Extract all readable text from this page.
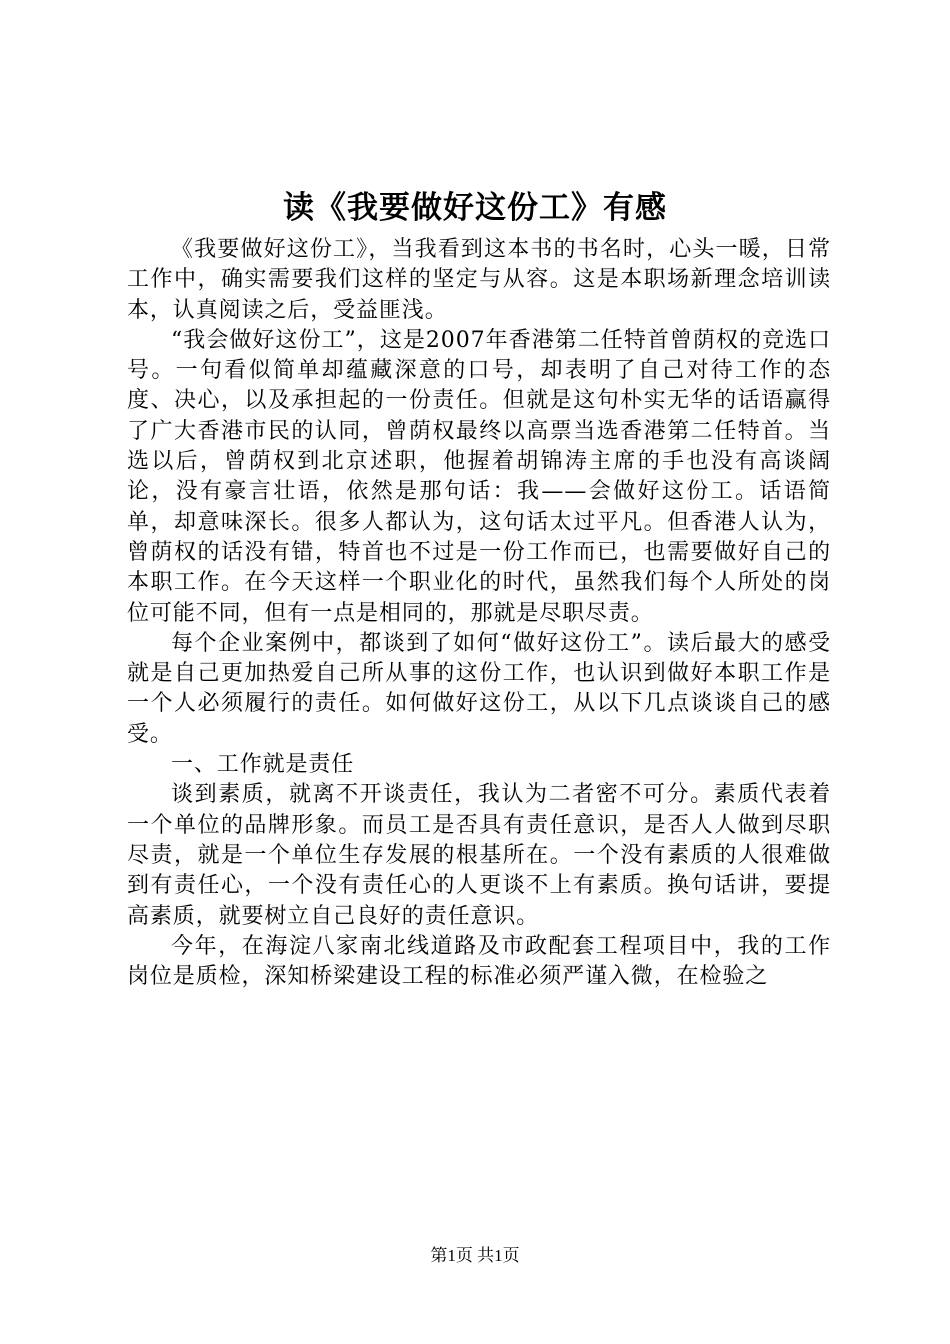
读《我要做好这份工》有感

《我要做好这份工》，当我看到这本书的书名时，心头一暖，日常工作中，确实需要我们这样的坚定与从容。这是本职场新理念培训读本，认真阅读之后，受益匪浅。

“我会做好这份工”，这是2007年香港第二任特首曾荫权的竞选口号。一句看似简单却蕴藏深意的口号，却表明了自己对待工作的态度、决心，以及承担起的一份责任。但就是这句朴实无华的话语赢得了广大香港市民的认同，曾荫权最终以高票当选香港第二任特首。当选以后，曾荫权到北京述职，他握着胡锦涛主席的手也没有高谈阔论，没有豪言壮语，依然是那句话：我——会做好这份工。话语简单，却意味深长。很多人都认为，这句话太过平凡。但香港人认为，曾荫权的话没有错，特首也不过是一份工作而已，也需要做好自己的本职工作。在今天这样一个职业化的时代，虽然我们每个人所处的岗位可能不同，但有一点是相同的，那就是尽职尽责。

每个企业案例中，都谈到了如何“做好这份工”。读后最大的感受就是自己更加热爱自己所从事的这份工作，也认识到做好本职工作是一个人必须履行的责任。如何做好这份工，从以下几点谈谈自己的感受。

一、工作就是责任

谈到素质，就离不开谈责任，我认为二者密不可分。素质代表着一个单位的品牌形象。而员工是否具有责任意识，是否人人做到尽职尽责，就是一个单位生存发展的根基所在。一个没有素质的人很难做到有责任心，一个没有责任心的人更谈不上有素质。换句话讲，要提高素质，就要树立自己良好的责任意识。

今年，在海淀八家南北线道路及市政配套工程项目中，我的工作岗位是质检，深知桥梁建设工程的标准必须严谨入微，在检验之

第1页 共1页
